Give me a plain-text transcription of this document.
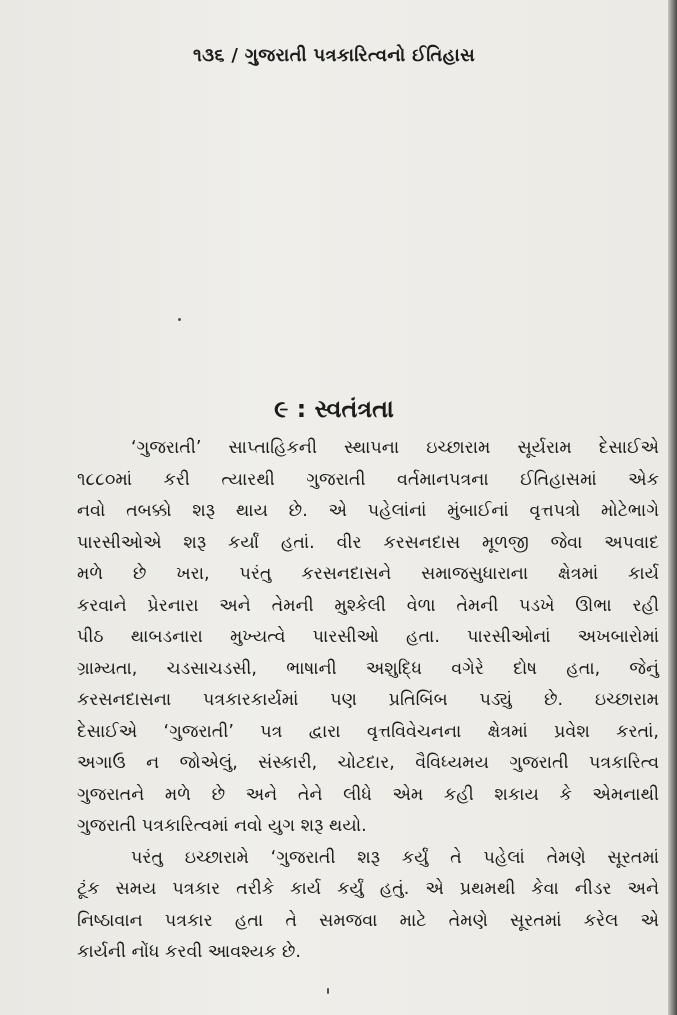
૧૩૬ / ગુજરાતી પત્રકારિત્વનો ઈતિહાસ

૯ : સ્વતંત્રતા
‘ગુજરાતી’ સાપ્તાહિકની સ્થાપના ઇચ્છારામ સૂર્યરામ દેસાઈએ
૧૮૮૦માં કરી ત્યારથી ગુજરાતી વર્તમાનપત્રના ઈતિહાસમાં એક
નવો તબક્કો શરૂ થાય છે. એ પહેલાંનાં મુંબાઈનાં વૃત્તપત્રો મોટેભાગે
પારસીઓએ શરૂ કર્યાં હતાં. વીર કરસનદાસ મૂળજી જેવા અપવાદ
મળે છે ખરા, પરંતુ કરસનદાસને સમાજસુધારાના ક્ષેત્રમાં કાર્ય
કરવાને પ્રેરનારા અને તેમની મુશ્કેલી વેળા તેમની પડખે ઊભા રહી
પીઠ થાબડનારા મુખ્યત્વે પારસીઓ હતા. પારસીઓનાં અખબારોમાં
ગ્રામ્યતા, ચડસાચડસી, ભાષાની અશુદ્ધિ વગેરે દોષ હતા, જેનું
કરસનદાસના પત્રકારકાર્યમાં પણ પ્રતિબિંબ પડ્યું છે. ઇચ્છારામ
દેસાઈએ ‘ગુજરાતી’ પત્ર દ્વારા વૃત્તવિવેચનના ક્ષેત્રમાં પ્રવેશ કરતાં,
અગાઉ ન જોએલું, સંસ્કારી, ચોટદાર, વૈવિધ્યમય ગુજરાતી પત્રકારિત્વ
ગુજરાતને મળે છે અને તેને લીધે એમ કહી શકાય કે એમનાથી
ગુજરાતી પત્રકારિત્વમાં નવો યુગ શરૂ થયો.
પરંતુ ઇચ્છારામે ‘ગુજરાતી શરૂ કર્યું તે પહેલાં તેમણે સૂરતમાં
ટૂંક સમય પત્રકાર તરીકે કાર્ય કર્યું હતું. એ પ્રથમથી કેવા નીડર અને
નિષ્ઠાવાન પત્રકાર હતા તે સમજવા માટે તેમણે સૂરતમાં કરેલ એ
કાર્યની નોંધ કરવી આવશ્યક છે.
